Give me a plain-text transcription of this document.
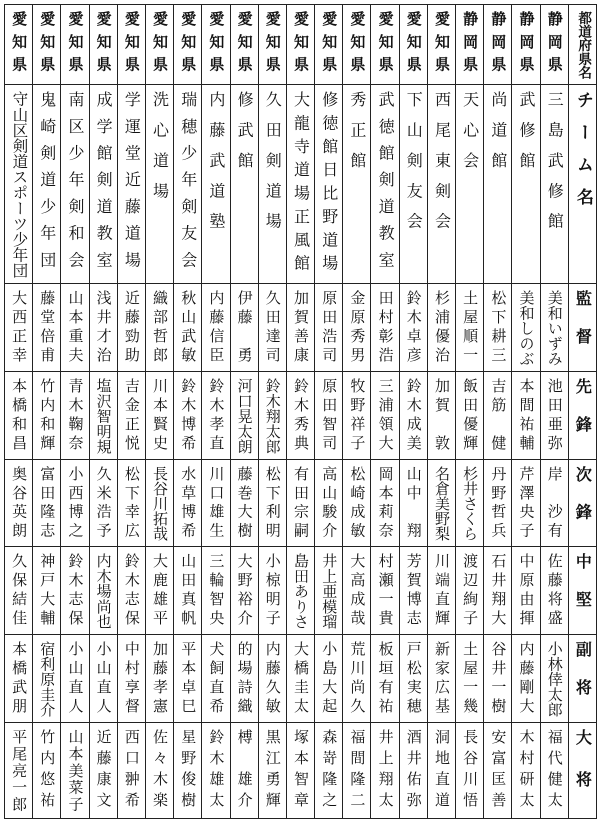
都道府県名
チーム名
監督
先鋒
次鋒
中堅
副将
大将
静岡県
三島武修館
美和いずみ
池田亜弥
岸　沙有
佐藤将盛
小林倖太郎
福代健太
静岡県
武修館
美和しのぶ
本間祐輔
芹澤央子
中原由揮
内藤剛大
木村研太
静岡県
尚道館
松下耕三
吉筋　健
丹野哲兵
石井翔大
谷井一樹
安富匡善
静岡県
天心会
土屋順一
飯田優輝
杉井さくら
渡辺絢子
土屋一幾
長谷川悟
愛知県
西尾東剣会
杉浦優治
加賀　敦
名倉美野梨
川端直輝
新家広基
洞地直道
愛知県
下山剣友会
鈴木卓彦
鈴木成美
山中　翔
芳賀博志
戸松実穂
酒井佑弥
愛知県
武徳館剣道教室
田村彰浩
三浦領大
岡本莉奈
村瀬一貴
板垣有祐
井上翔太
愛知県
秀正館
金原秀男
牧野祥子
松崎成敏
大高成哉
荒川尚久
福間隆二
愛知県
修徳館日比野道場
原田浩司
原田智司
高山駿介
井上亜模瑠
小島大起
森嵜隆之
愛知県
大龍寺道場正風館
加賀善康
鈴木秀典
有田宗嗣
島田ありさ
大橋圭太
塚本智章
愛知県
久田剣道場
久田達司
鈴木翔太郎
松下利明
小椋明子
内藤久敏
黒江勇輝
愛知県
修武館
伊藤　勇
河口晃太朗
藤巻大樹
大野裕介
的場詩織
榑　雄介
愛知県
内藤武道塾
内藤信臣
鈴木孝直
川口雄生
三輪智央
犬飼直希
鈴木雄太
愛知県
瑞穂少年剣友会
秋山武敏
鈴木博希
水草博希
山田真帆
平本卓巳
星野俊樹
愛知県
洗心道場
織部哲郎
川本賢史
長谷川拓哉
大鹿雄平
加藤孝憲
佐々木楽
愛知県
学運堂近藤道場
近藤勁助
吉金正悦
松下幸広
鈴木志保
中村享督
西口翀希
愛知県
成学館剣道教室
浅井才治
塩沢智明規
久米浩予
内木場尚也
小山直人
近藤康文
愛知県
南区少年剣和会
山本重夫
青木鞠奈
小西博之
鈴木志保
小山直人
山本美菜子
愛知県
鬼崎剣道少年団
藤堂倍甫
竹内和輝
富田隆志
神戸大輔
宿利原圭介
竹内悠祐
愛知県
守山区剣道スポーツ少年団
大西正幸
本橋和昌
奥谷英朗
久保結佳
本橋武朋
平尾亮一郎
